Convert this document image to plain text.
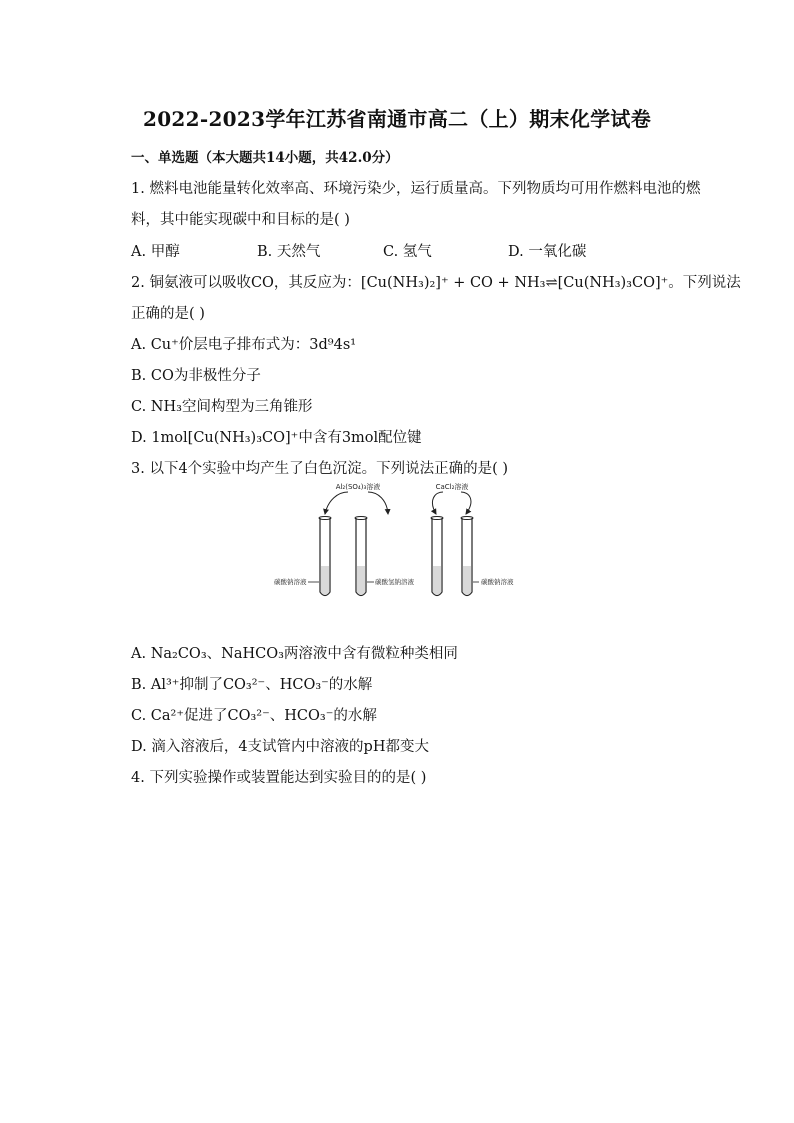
2022-2023学年江苏省南通市高二（上）期末化学试卷
一、单选题（本大题共14小题，共42.0分）
1. 燃料电池能量转化效率高、环境污染少，运行质量高。下列物质均可用作燃料电池的燃
料，其中能实现碳中和目标的是( )
A. 甲醇	B. 天然气	C. 氢气	D. 一氧化碳
2. 铜氨液可以吸收CO，其反应为：[Cu(NH₃)₂]⁺ + CO + NH₃⇌[Cu(NH₃)₃CO]⁺。下列说法
正确的是( )
A. Cu⁺价层电子排布式为：3d⁹4s¹
B. CO为非极性分子
C. NH₃空间构型为三角锥形
D. 1mol[Cu(NH₃)₃CO]⁺中含有3mol配位键
3. 以下4个实验中均产生了白色沉淀。下列说法正确的是( )
Al₂(SO₄)₃溶液	CaCl₂溶液
碳酸钠溶液	碳酸氢钠溶液	碳酸钠溶液
A. Na₂CO₃、NaHCO₃两溶液中含有微粒种类相同
B. Al³⁺抑制了CO₃²⁻、HCO₃⁻的水解
C. Ca²⁺促进了CO₃²⁻、HCO₃⁻的水解
D. 滴入溶液后，4支试管内中溶液的pH都变大
4. 下列实验操作或装置能达到实验目的的是( )
